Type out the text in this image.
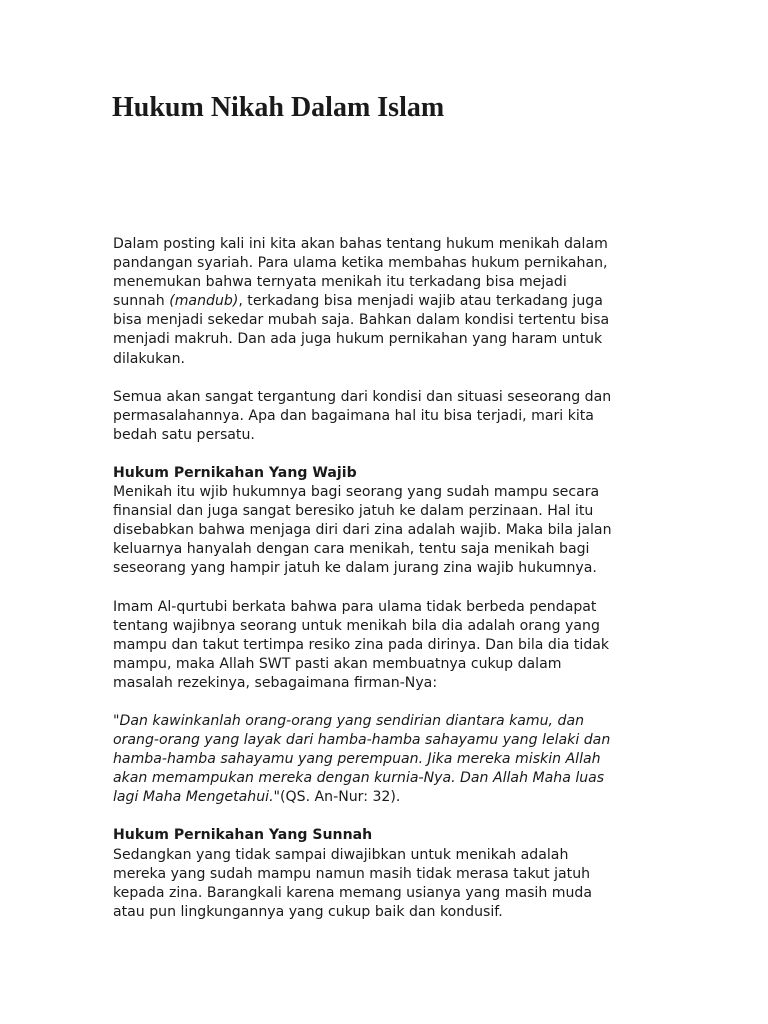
Hukum Nikah Dalam Islam
Dalam posting kali ini kita akan bahas tentang hukum menikah dalam
pandangan syariah. Para ulama ketika membahas hukum pernikahan,
menemukan bahwa ternyata menikah itu terkadang bisa mejadi
sunnah (mandub), terkadang bisa menjadi wajib atau terkadang juga
bisa menjadi sekedar mubah saja. Bahkan dalam kondisi tertentu bisa
menjadi makruh. Dan ada juga hukum pernikahan yang haram untuk
dilakukan.
Semua akan sangat tergantung dari kondisi dan situasi seseorang dan
permasalahannya. Apa dan bagaimana hal itu bisa terjadi, mari kita
bedah satu persatu.
Hukum Pernikahan Yang Wajib
Menikah itu wjib hukumnya bagi seorang yang sudah mampu secara
finansial dan juga sangat beresiko jatuh ke dalam perzinaan. Hal itu
disebabkan bahwa menjaga diri dari zina adalah wajib. Maka bila jalan
keluarnya hanyalah dengan cara menikah, tentu saja menikah bagi
seseorang yang hampir jatuh ke dalam jurang zina wajib hukumnya.
Imam Al-qurtubi berkata bahwa para ulama tidak berbeda pendapat
tentang wajibnya seorang untuk menikah bila dia adalah orang yang
mampu dan takut tertimpa resiko zina pada dirinya. Dan bila dia tidak
mampu, maka Allah SWT pasti akan membuatnya cukup dalam
masalah rezekinya, sebagaimana firman-Nya:
"Dan kawinkanlah orang-orang yang sendirian diantara kamu, dan
orang-orang yang layak dari hamba-hamba sahayamu yang lelaki dan
hamba-hamba sahayamu yang perempuan. Jika mereka miskin Allah
akan memampukan mereka dengan kurnia-Nya. Dan Allah Maha luas
lagi Maha Mengetahui."(QS. An-Nur: 32).
Hukum Pernikahan Yang Sunnah
Sedangkan yang tidak sampai diwajibkan untuk menikah adalah
mereka yang sudah mampu namun masih tidak merasa takut jatuh
kepada zina. Barangkali karena memang usianya yang masih muda
atau pun lingkungannya yang cukup baik dan kondusif.
